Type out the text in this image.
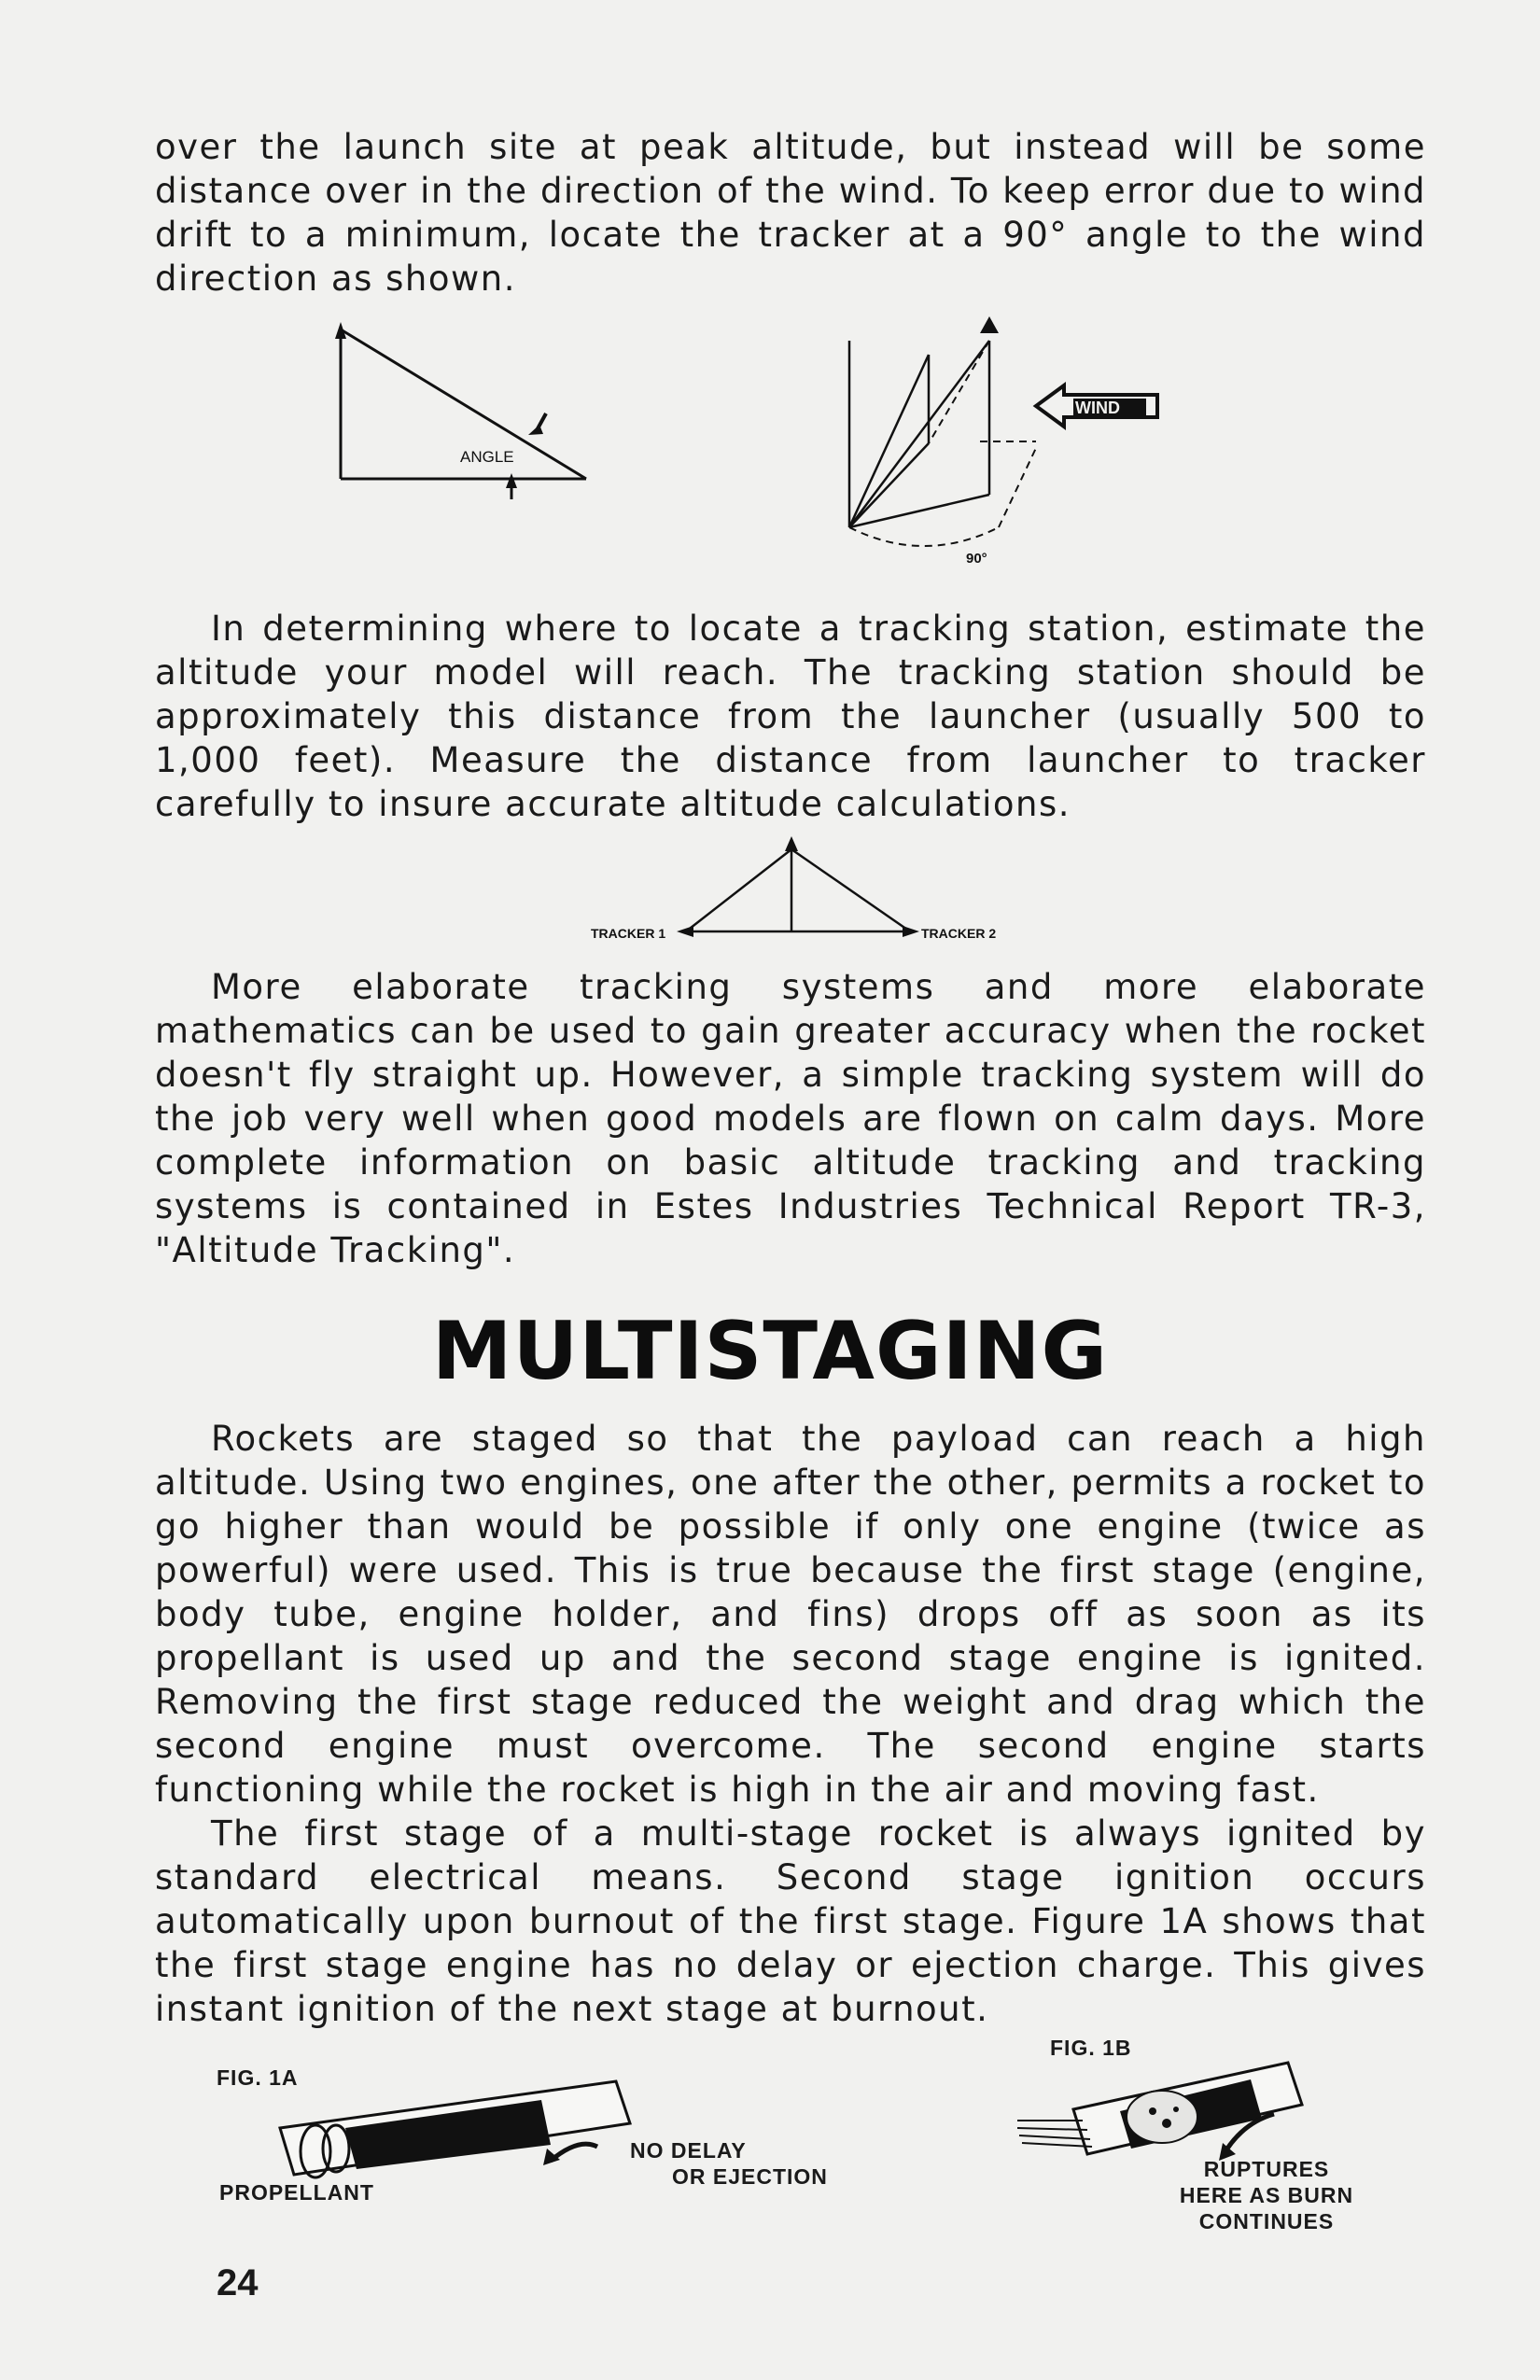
over the launch site at peak altitude, but instead will be some distance over in the direction of the wind. To keep error due to wind drift to a minimum, locate the tracker at a 90° angle to the wind direction as shown.

ANGLE
WIND
90°

In determining where to locate a tracking station, estimate the altitude your model will reach. The tracking station should be approximately this distance from the launcher (usually 500 to 1,000 feet). Measure the distance from launcher to tracker carefully to insure accurate altitude calculations.

TRACKER 1	TRACKER 2

More elaborate tracking systems and more elaborate mathematics can be used to gain greater accuracy when the rocket doesn't fly straight up. However, a simple tracking system will do the job very well when good models are flown on calm days. More complete information on basic altitude tracking and tracking systems is contained in Estes Industries Technical Report TR-3, "Altitude Tracking".

MULTISTAGING

Rockets are staged so that the payload can reach a high altitude. Using two engines, one after the other, permits a rocket to go higher than would be possible if only one engine (twice as powerful) were used. This is true because the first stage (engine, body tube, engine holder, and fins) drops off as soon as its propellant is used up and the second stage engine is ignited. Removing the first stage reduced the weight and drag which the second engine must overcome. The second engine starts functioning while the rocket is high in the air and moving fast.

The first stage of a multi-stage rocket is always ignited by standard electrical means. Second stage ignition occurs automatically upon burnout of the first stage. Figure 1A shows that the first stage engine has no delay or ejection charge. This gives instant ignition of the next stage at burnout.

FIG. 1A
PROPELLANT
NO DELAY
OR EJECTION
FIG. 1B
RUPTURES
HERE AS BURN
CONTINUES
24
